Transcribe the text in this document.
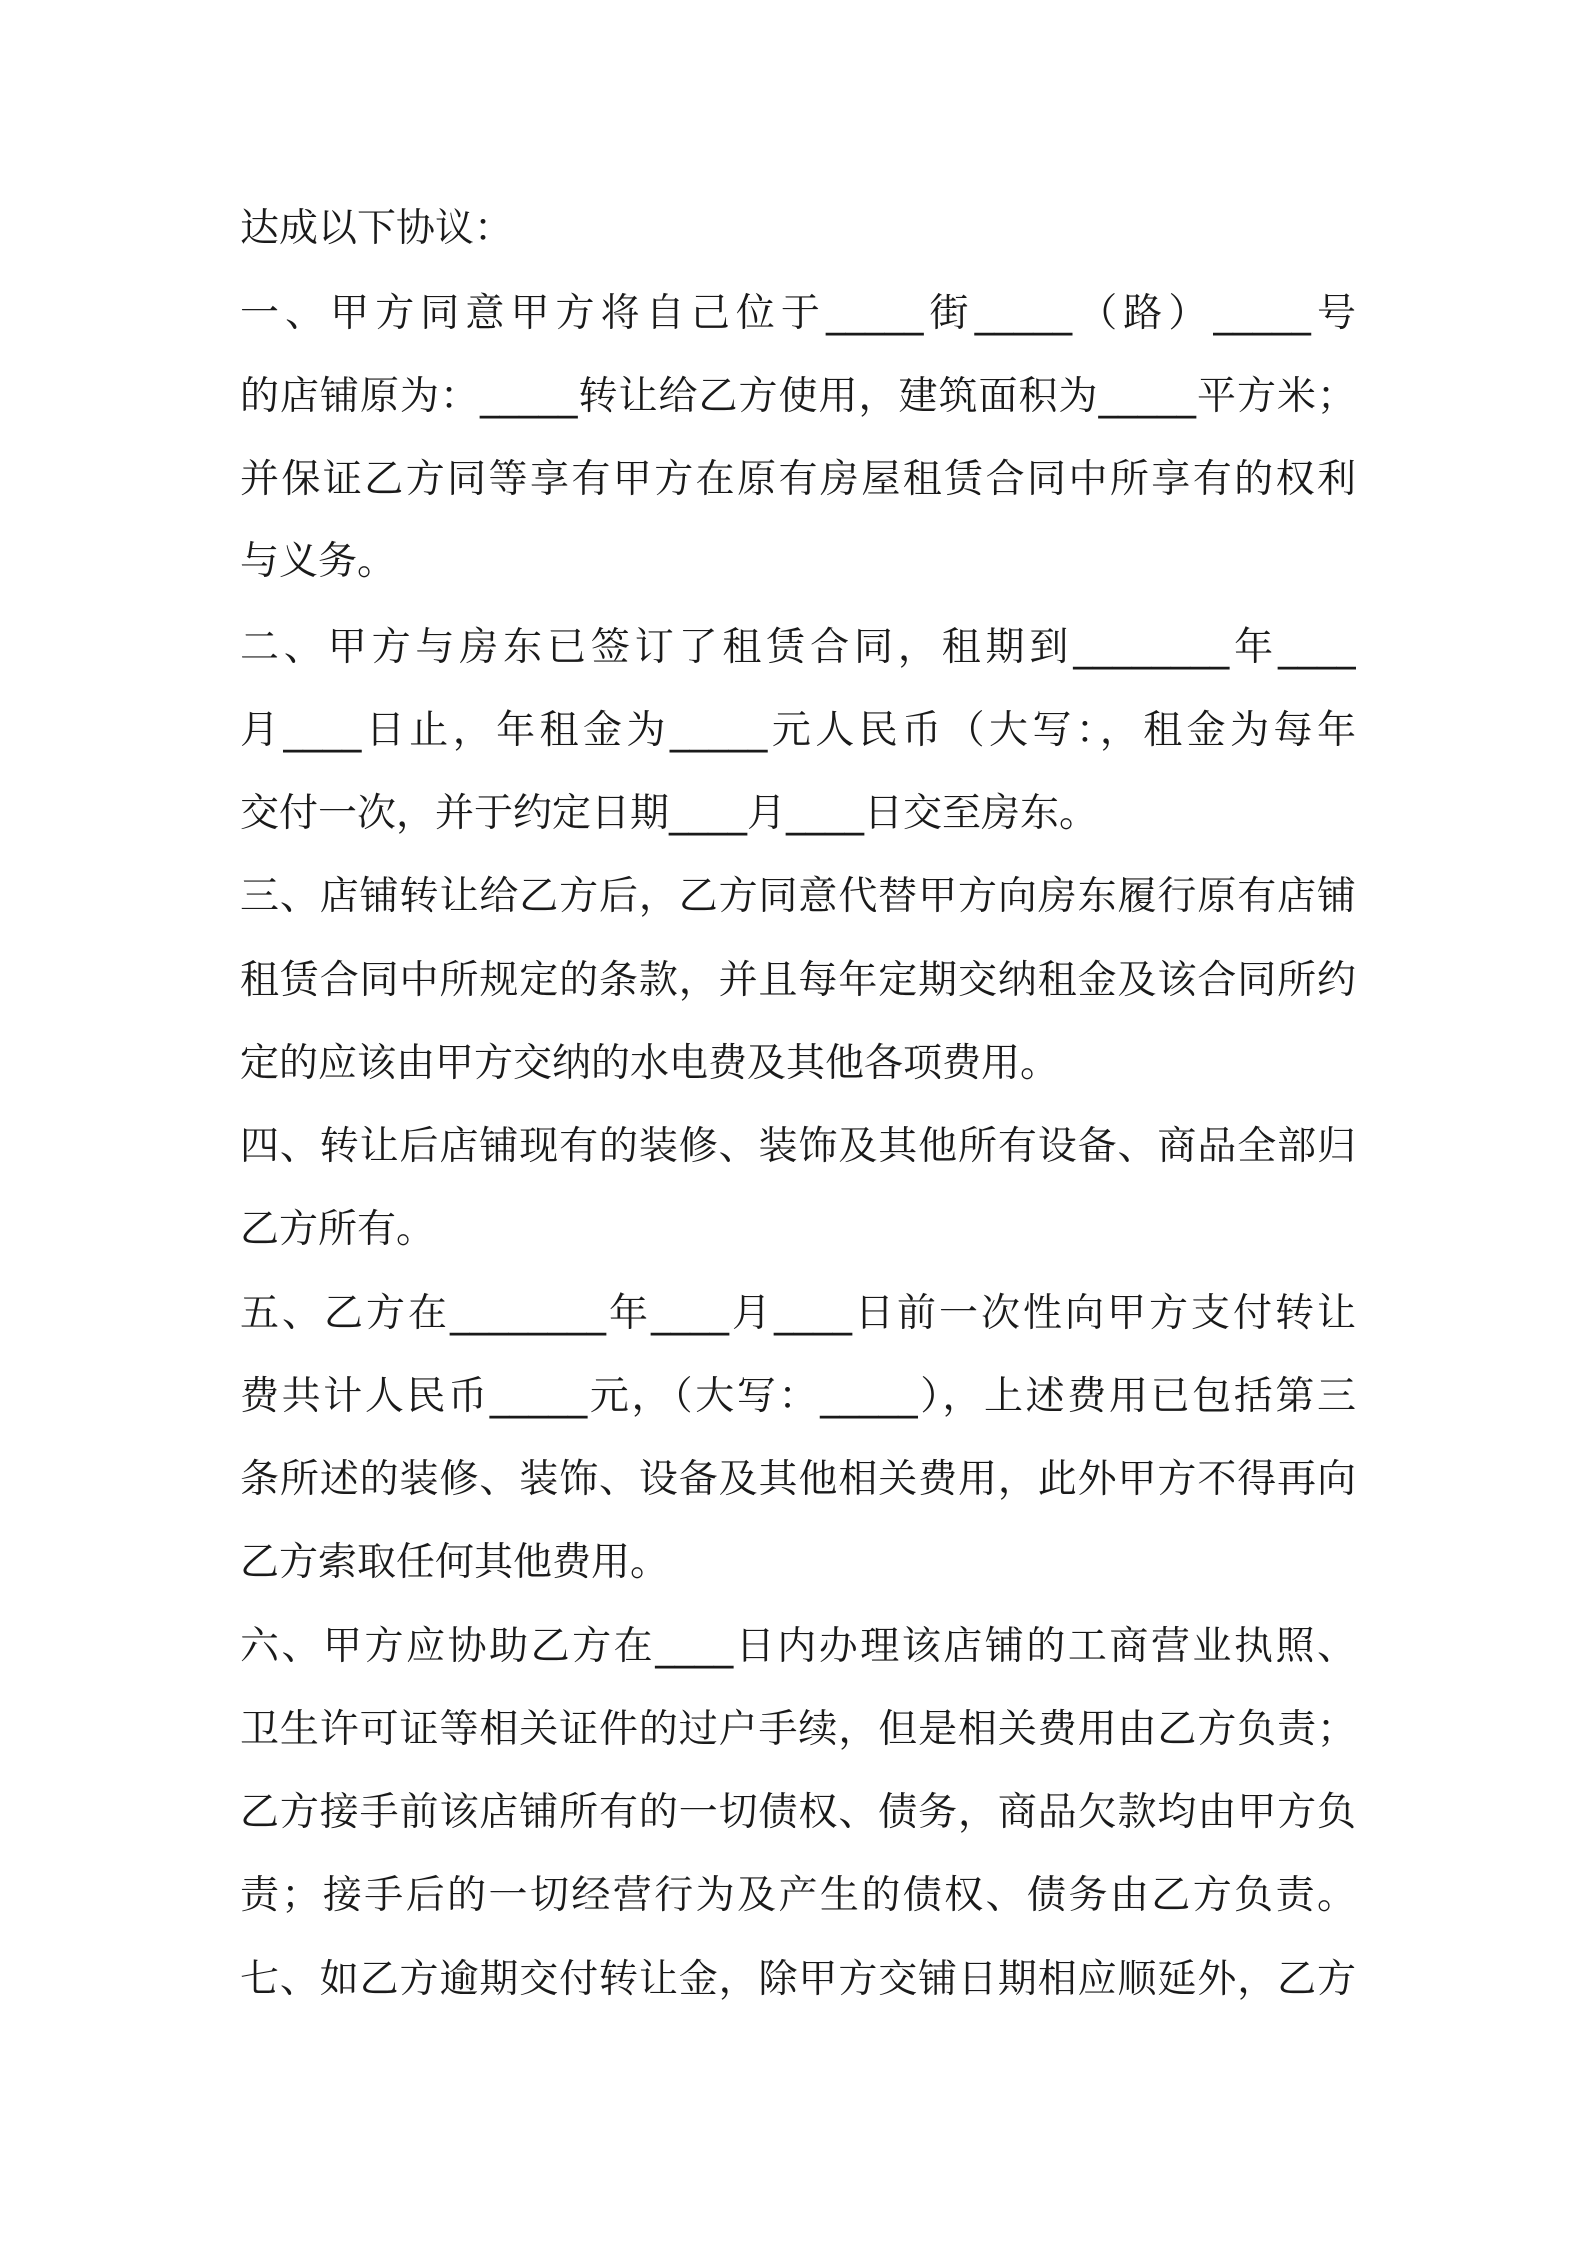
达成以下协议：
一、甲方同意甲方将自己位于_____街_____（路）_____号
的店铺原为：_____转让给乙方使用，建筑面积为_____平方米；
并保证乙方同等享有甲方在原有房屋租赁合同中所享有的权利
与义务。
二、甲方与房东已签订了租赁合同，租期到________年____
月____日止，年租金为_____元人民币（大写：，租金为每年
交付一次，并于约定日期____月____日交至房东。
三、店铺转让给乙方后，乙方同意代替甲方向房东履行原有店铺
租赁合同中所规定的条款，并且每年定期交纳租金及该合同所约
定的应该由甲方交纳的水电费及其他各项费用。
四、转让后店铺现有的装修、装饰及其他所有设备、商品全部归
乙方所有。
五、乙方在________年____月____日前一次性向甲方支付转让
费共计人民币_____元，（大写：_____），上述费用已包括第三
条所述的装修、装饰、设备及其他相关费用，此外甲方不得再向
乙方索取任何其他费用。
六、甲方应协助乙方在____日内办理该店铺的工商营业执照、
卫生许可证等相关证件的过户手续，但是相关费用由乙方负责；
乙方接手前该店铺所有的一切债权、债务，商品欠款均由甲方负
责；接手后的一切经营行为及产生的债权、债务由乙方负责。
七、如乙方逾期交付转让金，除甲方交铺日期相应顺延外，乙方
